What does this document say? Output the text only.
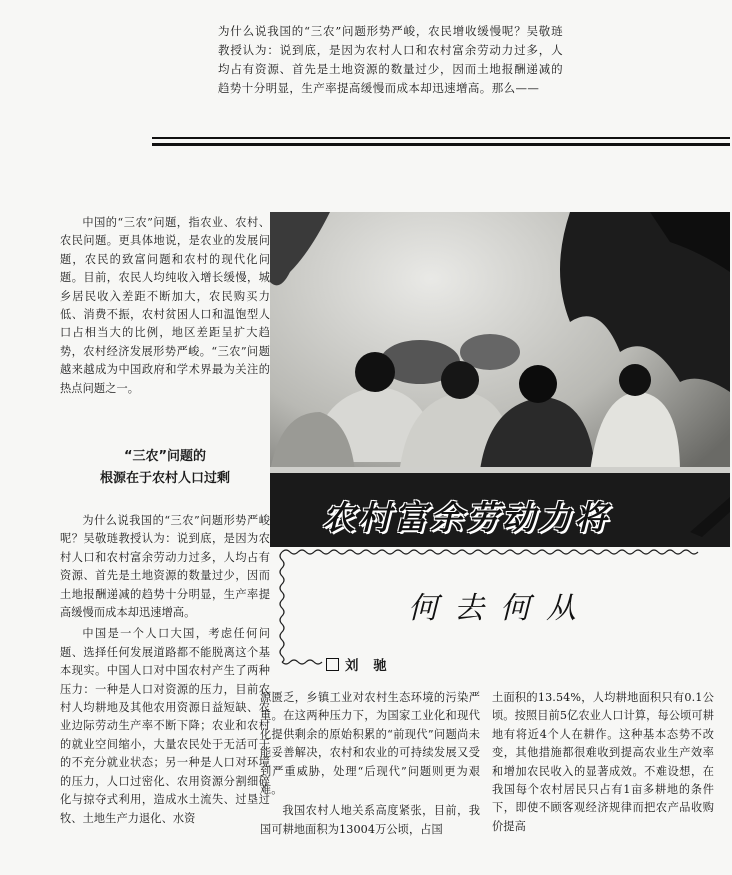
为什么说我国的“三农”问题形势严峻，农民增收缓慢呢？吴敬琏教授认为：说到底，是因为农村人口和农村富余劳动力过多，人均占有资源、首先是土地资源的数量过少，因而土地报酬递减的趋势十分明显，生产率提高缓慢而成本却迅速增高。那么——

中国的“三农”问题，指农业、农村、农民问题。更具体地说，是农业的发展问题，农民的致富问题和农村的现代化问题。目前，农民人均纯收入增长缓慢，城乡居民收入差距不断加大，农民购买力低、消费不振，农村贫困人口和温饱型人口占相当大的比例，地区差距呈扩大趋势，农村经济发展形势严峻。“三农”问题越来越成为中国政府和学术界最为关注的热点问题之一。

“三农”问题的
根源在于农村人口过剩

为什么说我国的“三农”问题形势严峻呢？吴敬琏教授认为：说到底，是因为农村人口和农村富余劳动力过多，人均占有资源、首先是土地资源的数量过少，因而土地报酬递减的趋势十分明显，生产率提高缓慢而成本却迅速增高。

中国是一个人口大国，考虑任何问题、选择任何发展道路都不能脱离这个基本现实。中国人口对中国农村产生了两种压力：一种是人口对资源的压力，目前农村人均耕地及其他农用资源日益短缺、农业边际劳动生产率不断下降；农业和农村的就业空间缩小，大量农民处于无活可干的不充分就业状态；另一种是人口对环境的压力，人口过密化、农用资源分割细碎化与掠夺式利用，造成水土流失、过垦过牧、土地生产力退化、水资

农村富余劳动力将
何去何从
刘 驰

源匮乏，乡镇工业对农村生态环境的污染严重。在这两种压力下，为国家工业化和现代化提供剩余的原始积累的“前现代”问题尚未能妥善解决，农村和农业的可持续发展又受到严重威胁，处理“后现代”问题则更为艰难。

我国农村人地关系高度紧张，目前，我国可耕地面积为13004万公顷，占国

土面积的13.54%，人均耕地面积只有0.1公顷。按照目前5亿农业人口计算，每公顷可耕地有将近4个人在耕作。这种基本态势不改变，其他措施都很难收到提高农业生产效率和增加农民收入的显著成效。不难设想，在我国每个农村居民只占有1亩多耕地的条件下，即使不顾客观经济规律而把农产品收购价提高
